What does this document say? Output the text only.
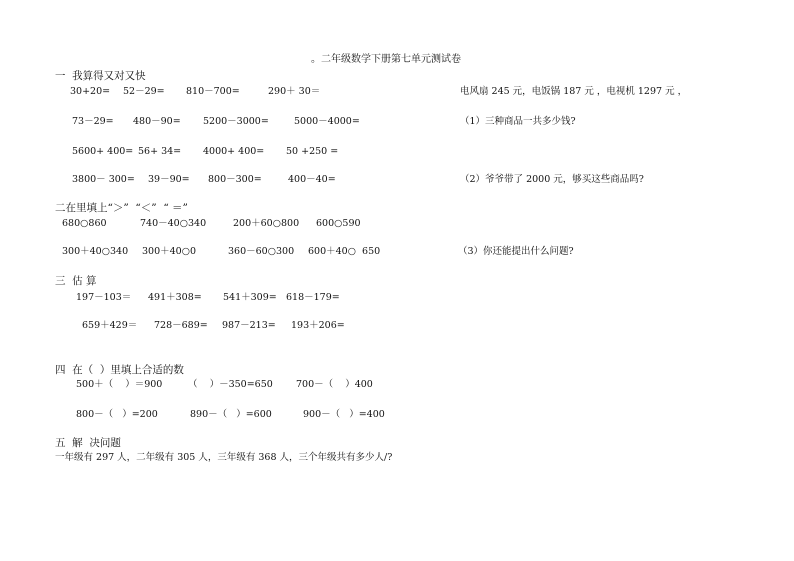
。二年级数学下册第七单元测试卷
一  我算得又对又快
30+20= 52－29= 810－700=	290＋ 30＝
73－29= 480－90= 5200－3000=	5000－4000=
5600+ 400= 56+ 34= 4000+ 400= 50 +250 =
3800－ 300= 39－90= 800－300=	400－40=
电风扇 245 元，电饭锅 187 元 ，电视机 1297 元 ，
（1）三种商品一共多少钱?
（2）爷爷带了 2000 元，够买这些商品吗?
（3）你还能提出什么问题?
二在里填上“＞”  “＜”  “ ＝”
680○860	740－40○340	200＋60○800 600○590
300＋40○340 300＋40○0	360－60○300 600＋40○  650
三  估 算
197－103＝ 491＋308= 541＋309= 618－179=
659＋429＝ 728－689= 987－213= 193＋206=
四  在（  ）里填上合适的数
500＋（    ）＝900	（    ）－350=650 700－（    ）400
800－（   ）=200	890－（   ）=600	900－（   ）=400
五  解  决问题
一年级有 297 人，二年级有 305 人，三年级有 368 人，三个年级共有多少人/?
